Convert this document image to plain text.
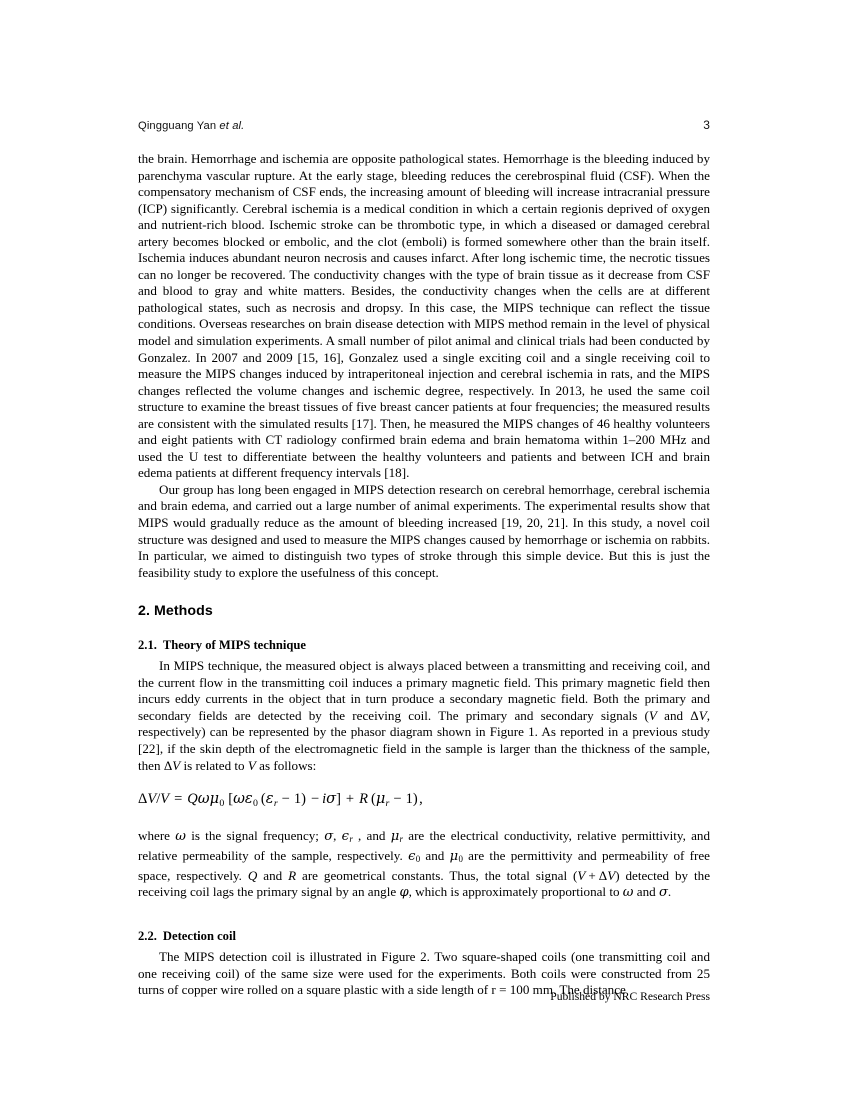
Qingguang Yan et al.	3

the brain. Hemorrhage and ischemia are opposite pathological states. Hemorrhage is the bleeding induced by parenchyma vascular rupture. At the early stage, bleeding reduces the cerebrospinal fluid (CSF). When the compensatory mechanism of CSF ends, the increasing amount of bleeding will increase intracranial pressure (ICP) significantly. Cerebral ischemia is a medical condition in which a certain regionis deprived of oxygen and nutrient-rich blood. Ischemic stroke can be thrombotic type, in which a diseased or damaged cerebral artery becomes blocked or embolic, and the clot (emboli) is formed somewhere other than the brain itself. Ischemia induces abundant neuron necrosis and causes infarct. After long ischemic time, the necrotic tissues can no longer be recovered. The conductivity changes with the type of brain tissue as it decrease from CSF and blood to gray and white matters. Besides, the conductivity changes when the cells are at different pathological states, such as necrosis and dropsy. In this case, the MIPS technique can reflect the tissue conditions. Overseas researches on brain disease detection with MIPS method remain in the level of physical model and simulation experiments. A small number of pilot animal and clinical trials had been conducted by Gonzalez. In 2007 and 2009 [15, 16], Gonzalez used a single exciting coil and a single receiving coil to measure the MIPS changes induced by intraperitoneal injection and cerebral ischemia in rats, and the MIPS changes reflected the volume changes and ischemic degree, respectively. In 2013, he used the same coil structure to examine the breast tissues of five breast cancer patients at four frequencies; the measured results are consistent with the simulated results [17]. Then, he measured the MIPS changes of 46 healthy volunteers and eight patients with CT radiology confirmed brain edema and brain hematoma within 1–200 MHz and used the U test to differentiate between the healthy volunteers and patients and between ICH and brain edema patients at different frequency intervals [18].

Our group has long been engaged in MIPS detection research on cerebral hemorrhage, cerebral ischemia and brain edema, and carried out a large number of animal experiments. The experimental results show that MIPS would gradually reduce as the amount of bleeding increased [19, 20, 21]. In this study, a novel coil structure was designed and used to measure the MIPS changes caused by hemorrhage or ischemia on rabbits. In particular, we aimed to distinguish two types of stroke through this simple device. But this is just the feasibility study to explore the usefulness of this concept.

2. Methods
2.1. Theory of MIPS technique

In MIPS technique, the measured object is always placed between a transmitting and receiving coil, and the current flow in the transmitting coil induces a primary magnetic field. This primary magnetic field then incurs eddy currents in the object that in turn produce a secondary magnetic field. Both the primary and secondary fields are detected by the receiving coil. The primary and secondary signals (V and ΔV, respectively) can be represented by the phasor diagram shown in Figure 1. As reported in a previous study [22], if the skin depth of the electromagnetic field in the sample is larger than the thickness of the sample, then ΔV is related to V as follows:

ΔV/V = Qωμ0 [ωε0 (εr − 1) − iσ] + R (μr − 1) ,

where ω is the signal frequency; σ, ϵr , and μr are the electrical conductivity, relative permittivity, and relative permeability of the sample, respectively. ϵ0 and μ0 are the permittivity and permeability of free space, respectively. Q and R are geometrical constants. Thus, the total signal (V + ΔV) detected by the receiving coil lags the primary signal by an angle φ, which is approximately proportional to ω and σ.

2.2. Detection coil

The MIPS detection coil is illustrated in Figure 2. Two square-shaped coils (one transmitting coil and one receiving coil) of the same size were used for the experiments. Both coils were constructed from 25 turns of copper wire rolled on a square plastic with a side length of r = 100 mm. The distance

Published by NRC Research Press
